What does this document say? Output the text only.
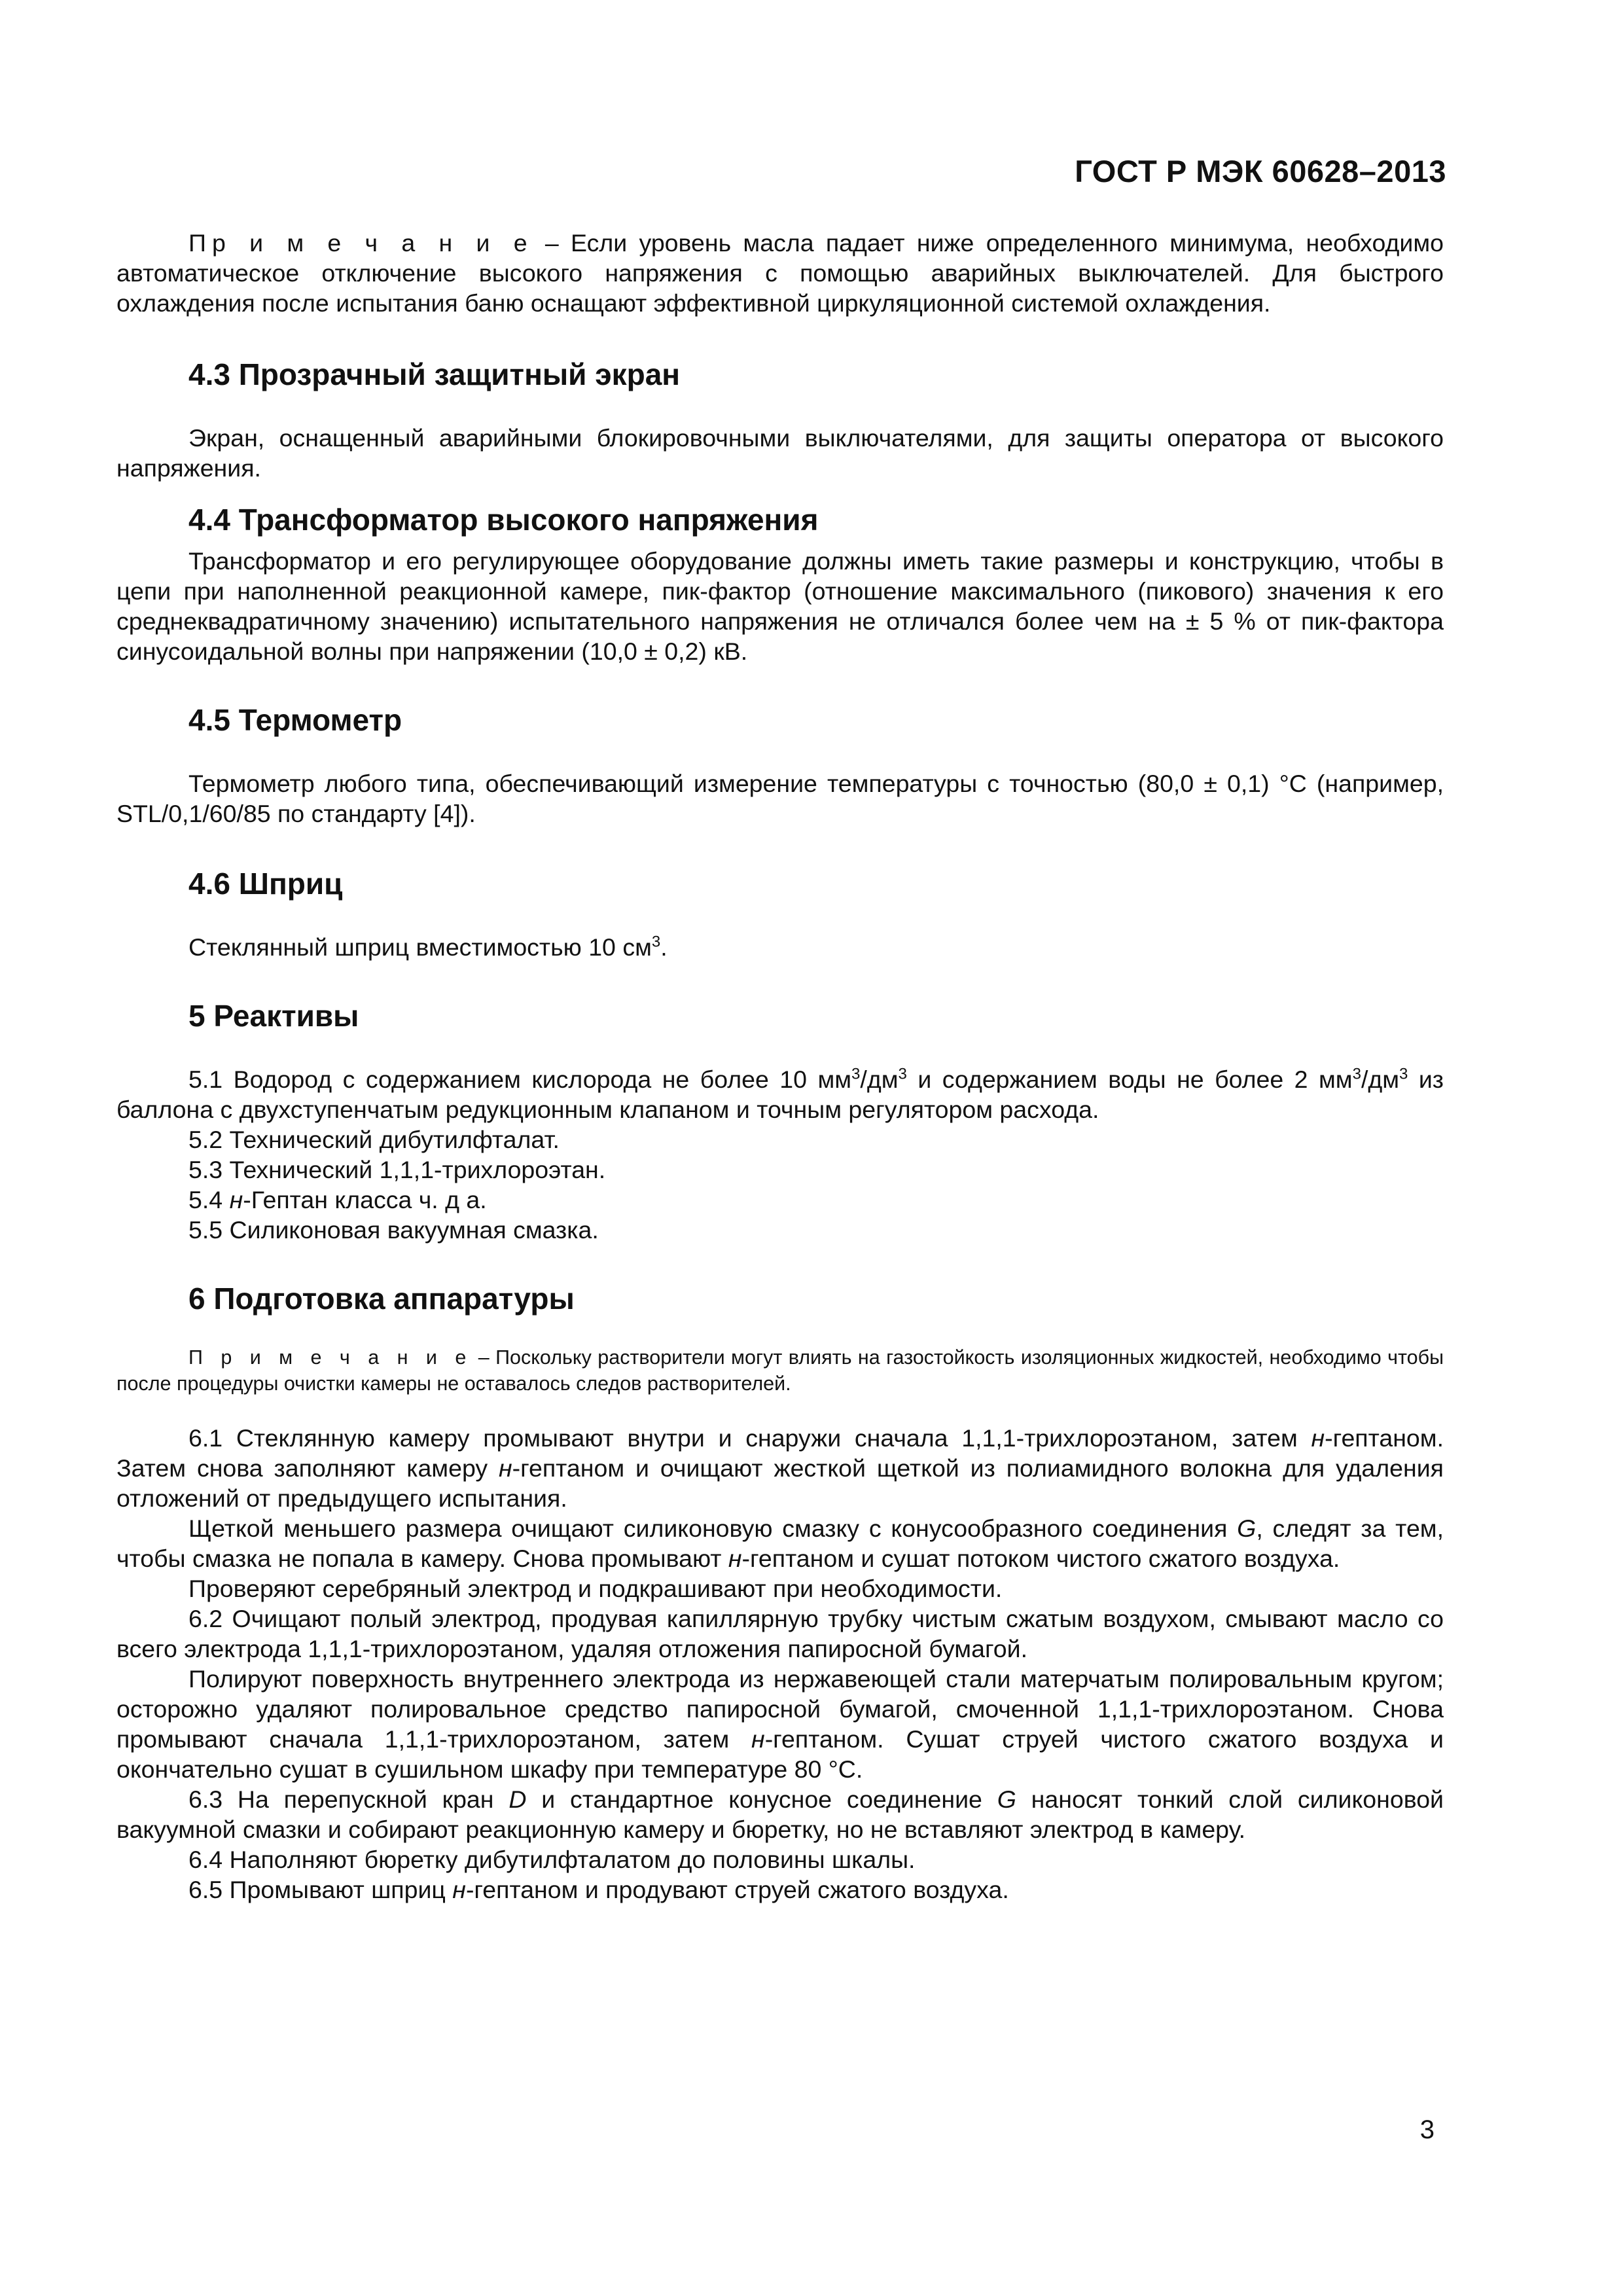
ГОСТ Р МЭК 60628–2013

Пр и м е ч а н и е – Если уровень масла падает ниже определенного минимума, необходимо автоматическое отключение высокого напряжения с помощью аварийных выключателей. Для быстрого охлаждения после испытания баню оснащают эффективной циркуляционной системой охлаждения.

4.3 Прозрачный защитный экран

Экран, оснащенный аварийными блокировочными выключателями, для защиты оператора от высокого напряжения.

4.4 Трансформатор высокого напряжения

Трансформатор и его регулирующее оборудование должны иметь такие размеры и конструкцию, чтобы в цепи при наполненной реакционной камере, пик-фактор (отношение максимального (пикового) значения к его среднеквадратичному значению) испытательного напряжения не отличался более чем на ± 5 % от пик-фактора синусоидальной волны при напряжении (10,0 ± 0,2) кВ.

4.5 Термометр

Термометр любого типа, обеспечивающий измерение температуры с точностью (80,0 ± 0,1) °С (например, STL/0,1/60/85 по стандарту [4]).

4.6 Шприц

Стеклянный шприц вместимостью 10 $см^3$.

5 Реактивы

5.1 Водород с содержанием кислорода не более 10 $мм^3/дм^3$ и содержанием воды не более 2 $мм^3/дм^3$ из баллона с двухступенчатым редукционным клапаном и точным регулятором расхода.

5.2 Технический дибутилфталат.

5.3 Технический 1,1,1-трихлороэтан.

5.4 н-Гептан класса ч. д а.

5.5 Силиконовая вакуумная смазка.

6 Подготовка аппаратуры

П р и м е ч а н и е – Поскольку растворители могут влиять на газостойкость изоляционных жидкостей, необходимо чтобы после процедуры очистки камеры не оставалось следов растворителей.

6.1 Стеклянную камеру промывают внутри и снаружи сначала 1,1,1-трихлороэтаном, затем н-гептаном. Затем снова заполняют камеру н-гептаном и очищают жесткой щеткой из полиамидного волокна для удаления отложений от предыдущего испытания.

Щеткой меньшего размера очищают силиконовую смазку с конусообразного соединения G, следят за тем, чтобы смазка не попала в камеру. Снова промывают н-гептаном и сушат потоком чистого сжатого воздуха.

Проверяют серебряный электрод и подкрашивают при необходимости.

6.2 Очищают полый электрод, продувая капиллярную трубку чистым сжатым воздухом, смывают масло со всего электрода 1,1,1-трихлороэтаном, удаляя отложения папиросной бумагой.

Полируют поверхность внутреннего электрода из нержавеющей стали матерчатым полировальным кругом; осторожно удаляют полировальное средство папиросной бумагой, смоченной 1,1,1-трихлороэтаном. Снова промывают сначала 1,1,1-трихлороэтаном, затем н-гептаном. Сушат струей чистого сжатого воздуха и окончательно сушат в сушильном шкафу при температуре 80 °С.

6.3 На перепускной кран D и стандартное конусное соединение G наносят тонкий слой силиконовой вакуумной смазки и собирают реакционную камеру и бюретку, но не вставляют электрод в камеру.

6.4 Наполняют бюретку дибутилфталатом до половины шкалы.

6.5 Промывают шприц н-гептаном и продувают струей сжатого воздуха.

3
